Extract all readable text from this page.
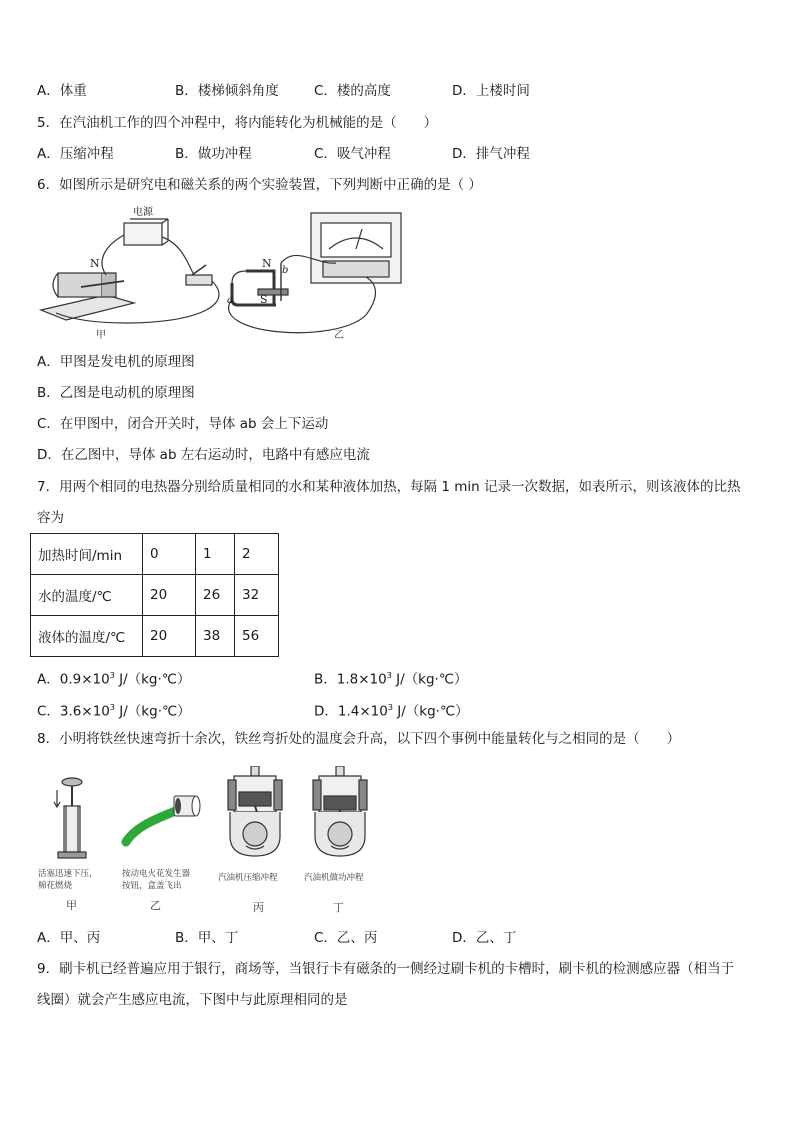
A．体重	B．楼梯倾斜角度	C．楼的高度	D．上楼时间
5．在汽油机工作的四个冲程中，将内能转化为机械能的是（　　）
A．压缩冲程	B．做功冲程	C．吸气冲程	D．排气冲程
6．如图所示是研究电和磁关系的两个实验装置，下列判断中正确的是（ ）
N
电源
甲
N
S
a
b
乙
A．甲图是发电机的原理图
B．乙图是电动机的原理图
C．在甲图中，闭合开关时，导体 ab 会上下运动
D．在乙图中，导体 ab 左右运动时，电路中有感应电流
7．用两个相同的电热器分别给质量相同的水和某种液体加热，每隔 1 min 记录一次数据，如表所示，则该液体的比热
容为
加热时间/min	0	1	2
水的温度/℃	20	26	32
液体的温度/℃	20	38	56
A．$0.9\times 10^3$ J/（kg·℃）	B．$1.8\times 10^3$ J/（kg·℃）
C．$3.6\times 10^3$ J/（kg·℃）	D．$1.4\times 10^3$ J/（kg·℃）
8．小明将铁丝快速弯折十余次，铁丝弯折处的温度会升高，以下四个事例中能量转化与之相同的是（　　）
活塞迅速下压，
棉花燃烧
甲
按动电火花发生器
按钮，盒盖飞出
乙
汽油机压缩冲程
丙
汽油机做功冲程
丁
A．甲、丙	B．甲、丁	C．乙、丙	D．乙、丁
9．刷卡机已经普遍应用于银行，商场等，当银行卡有磁条的一侧经过刷卡机的卡槽时，刷卡机的检测感应器（相当于
线圈）就会产生感应电流，下图中与此原理相同的是
